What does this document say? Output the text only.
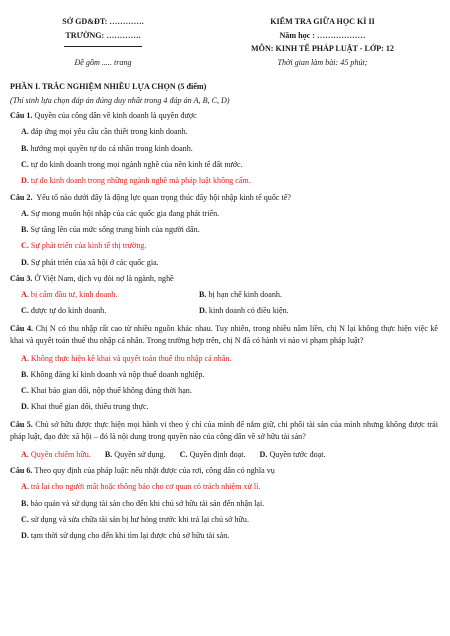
SỞ GD&ĐT: ………….
TRƯỜNG: ………….
Đề gồm ..... trang
KIỂM TRA GIỮA HỌC KÌ II
Năm học : ………………
MÔN: KINH TẾ PHÁP LUẬT - LỚP: 12
Thời gian làm bài: 45 phút;
PHẦN I. TRẮC NGHIỆM NHIỀU LỰA CHỌN (5 điểm)
(Thí sinh lựa chọn đáp án đúng duy nhất trong 4 đáp án A, B, C, D)
Câu 1. Quyền của công dân về kinh doanh là quyền được
A. đáp ứng mọi yêu cầu cần thiết trong kinh doanh.
B. hướng mọi quyền tự do cá nhân trong kinh doanh.
C. tự do kinh doanh trong mọi ngành nghề của nền kinh tế đất nước.
D. tự do kinh doanh trong những ngành nghề mà pháp luật không cấm.
Câu 2. Yếu tố nào dưới đây là động lực quan trọng thúc đẩy hội nhập kinh tế quốc tế?
A. Sự mong muốn hội nhập của các quốc gia đang phát triển.
B. Sự tăng lên của mức sống trung bình của người dân.
C. Sự phát triển của kinh tế thị trường.
D. Sự phát triển của xã hội ở các quốc gia.
Câu 3. Ở Việt Nam, dịch vụ đòi nợ là ngành, nghề
A. bị cấm đầu tư, kinh doanh.	B. bị hạn chế kinh doanh.
C. được tự do kinh doanh.	D. kinh doanh có điều kiện.
Câu 4. Chị N có thu nhập rất cao từ nhiều nguồn khác nhau. Tuy nhiên, trong nhiều năm liền, chị N lại không thực hiện việc kê khai và quyết toán thuế thu nhập cá nhân. Trong trường hợp trên, chị N đã có hành vi nào vi phạm pháp luật?
A. Không thực hiện kê khai và quyết toán thuế thu nhập cá nhân.
B. Không đăng kí kinh doanh và nộp thuế doanh nghiệp.
C. Khai báo gian dối, nộp thuế không đúng thời hạn.
D. Khai thuế gian dối, thiếu trung thực.
Câu 5. Chủ sở hữu được thực hiện mọi hành vi theo ý chí của mình để nắm giữ, chi phối tài sản của mình nhưng không được trái pháp luật, đạo đức xã hội – đó là nội dung trong quyền nào của công dân về sở hữu tài sản?
A. Quyền chiếm hữu. B. Quyền sử dụng. C. Quyền định đoạt. D. Quyền tước đoạt.
Câu 6. Theo quy định của pháp luật: nếu nhặt được của rơi, công dân có nghĩa vụ
A. trả lại cho người mất hoặc thông báo cho cơ quan có trách nhiệm xử lí.
B. bảo quản và sử dụng tài sản cho đến khi chủ sở hữu tài sản đến nhận lại.
C. sử dụng và sửa chữa tài sản bị hư hỏng trước khi trả lại chủ sở hữu.
D. tạm thời sử dụng cho đến khi tìm lại được chủ sở hữu tài sản.
